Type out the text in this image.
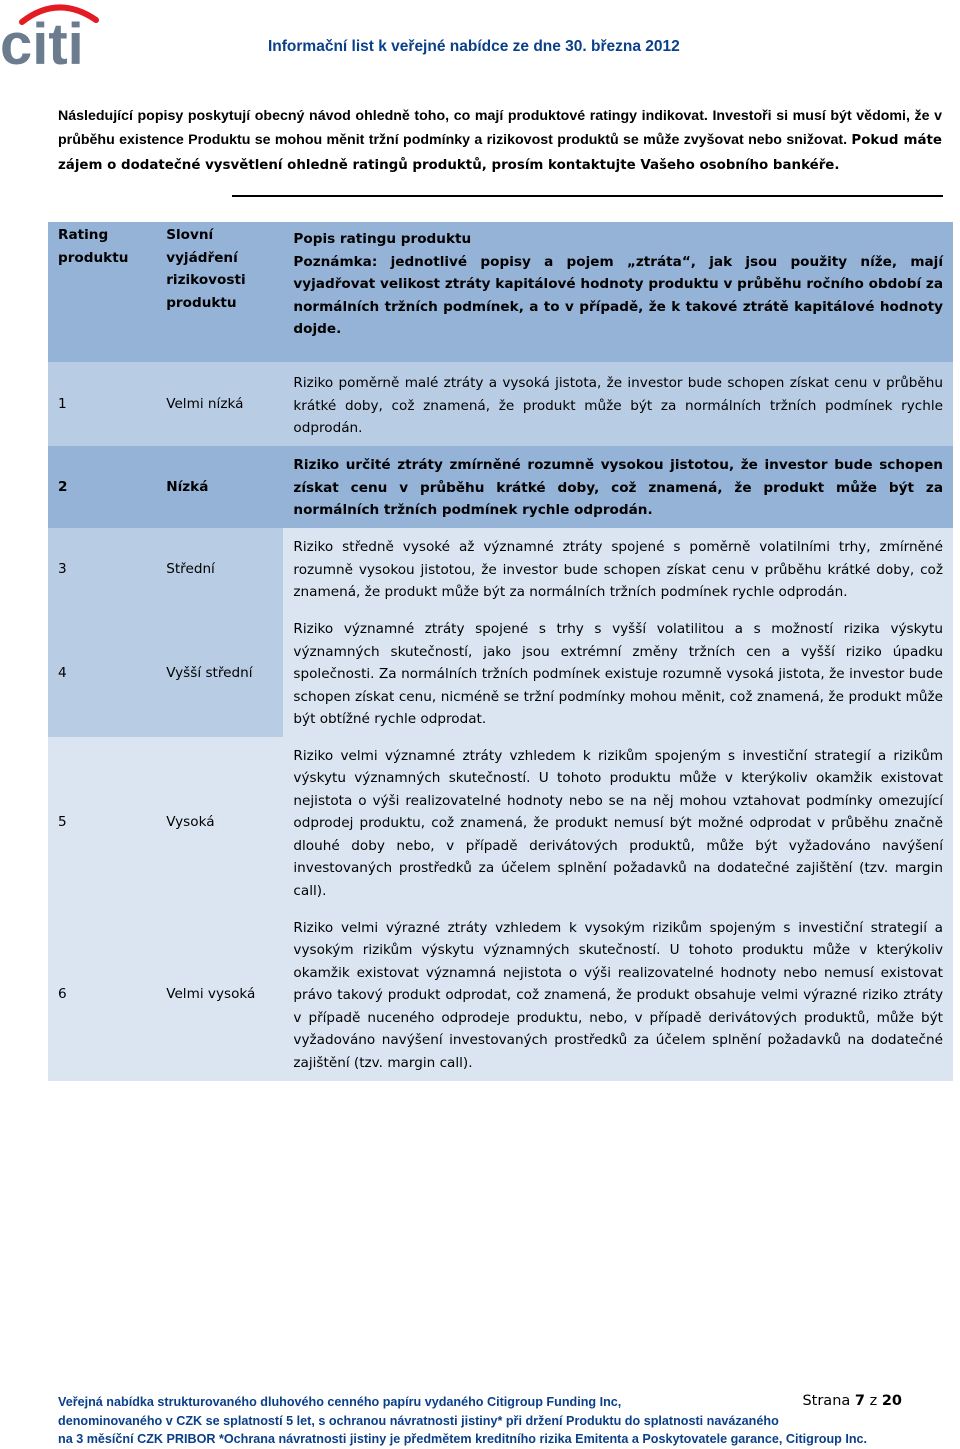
citi	Informační list k veřejné nabídce ze dne 30. března 2012

Následující popisy poskytují obecný návod ohledně toho, co mají produktové ratingy indikovat. Investoři si musí být vědomi, že v průběhu existence Produktu se mohou měnit tržní podmínky a rizikovost produktů se může zvyšovat nebo snižovat. Pokud máte zájem o dodatečné vysvětlení ohledně ratingů produktů, prosím kontaktujte Vašeho osobního bankéře.

Rating produktu	Slovní vyjádření rizikovosti produktu	Popis ratingu produktu
Poznámka: jednotlivé popisy a pojem „ztráta“, jak jsou použity níže, mají vyjadřovat velikost ztráty kapitálové hodnoty produktu v průběhu ročního období za normálních tržních podmínek, a to v případě, že k takové ztrátě kapitálové hodnoty dojde.

1	Velmi nízká	Riziko poměrně malé ztráty a vysoká jistota, že investor bude schopen získat cenu v průběhu krátké doby, což znamená, že produkt může být za normálních tržních podmínek rychle odprodán.
2	Nízká	Riziko určité ztráty zmírněné rozumně vysokou jistotou, že investor bude schopen získat cenu v průběhu krátké doby, což znamená, že produkt může být za normálních tržních podmínek rychle odprodán.
3	Střední	Riziko středně vysoké až významné ztráty spojené s poměrně volatilními trhy, zmírněné rozumně vysokou jistotou, že investor bude schopen získat cenu v průběhu krátké doby, což znamená, že produkt může být za normálních tržních podmínek rychle odprodán.
4	Vyšší střední	Riziko významné ztráty spojené s trhy s vyšší volatilitou a s možností rizika výskytu významných skutečností, jako jsou extrémní změny tržních cen a vyšší riziko úpadku společnosti. Za normálních tržních podmínek existuje rozumně vysoká jistota, že investor bude schopen získat cenu, nicméně se tržní podmínky mohou měnit, což znamená, že produkt může být obtížné rychle odprodat.
5	Vysoká	Riziko velmi významné ztráty vzhledem k rizikům spojeným s investiční strategií a rizikům výskytu významných skutečností. U tohoto produktu může v kterýkoliv okamžik existovat nejistota o výši realizovatelné hodnoty nebo se na něj mohou vztahovat podmínky omezující odprodej produktu, což znamená, že produkt nemusí být možné odprodat v průběhu značně dlouhé doby nebo, v případě derivátových produktů, může být vyžadováno navýšení investovaných prostředků za účelem splnění požadavků na dodatečné zajištění (tzv. margin call).
6	Velmi vysoká	Riziko velmi výrazné ztráty vzhledem k vysokým rizikům spojeným s investiční strategií a vysokým rizikům výskytu významných skutečností. U tohoto produktu může v kterýkoliv okamžik existovat významná nejistota o výši realizovatelné hodnoty nebo nemusí existovat právo takový produkt odprodat, což znamená, že produkt obsahuje velmi výrazné riziko ztráty v případě nuceného odprodeje produktu, nebo, v případě derivátových produktů, může být vyžadováno navýšení investovaných prostředků za účelem splnění požadavků na dodatečné zajištění (tzv. margin call).
Veřejná nabídka strukturovaného dluhového cenného papíru vydaného Citigroup Funding Inc,
denominovaného v CZK se splatností 5 let, s ochranou návratnosti jistiny* při držení Produktu do splatnosti navázaného
na 3 měsíční CZK PRIBOR *Ochrana návratnosti jistiny je předmětem kreditního rizika Emitenta a Poskytovatele garance, Citigroup Inc.
Strana 7 z 20
